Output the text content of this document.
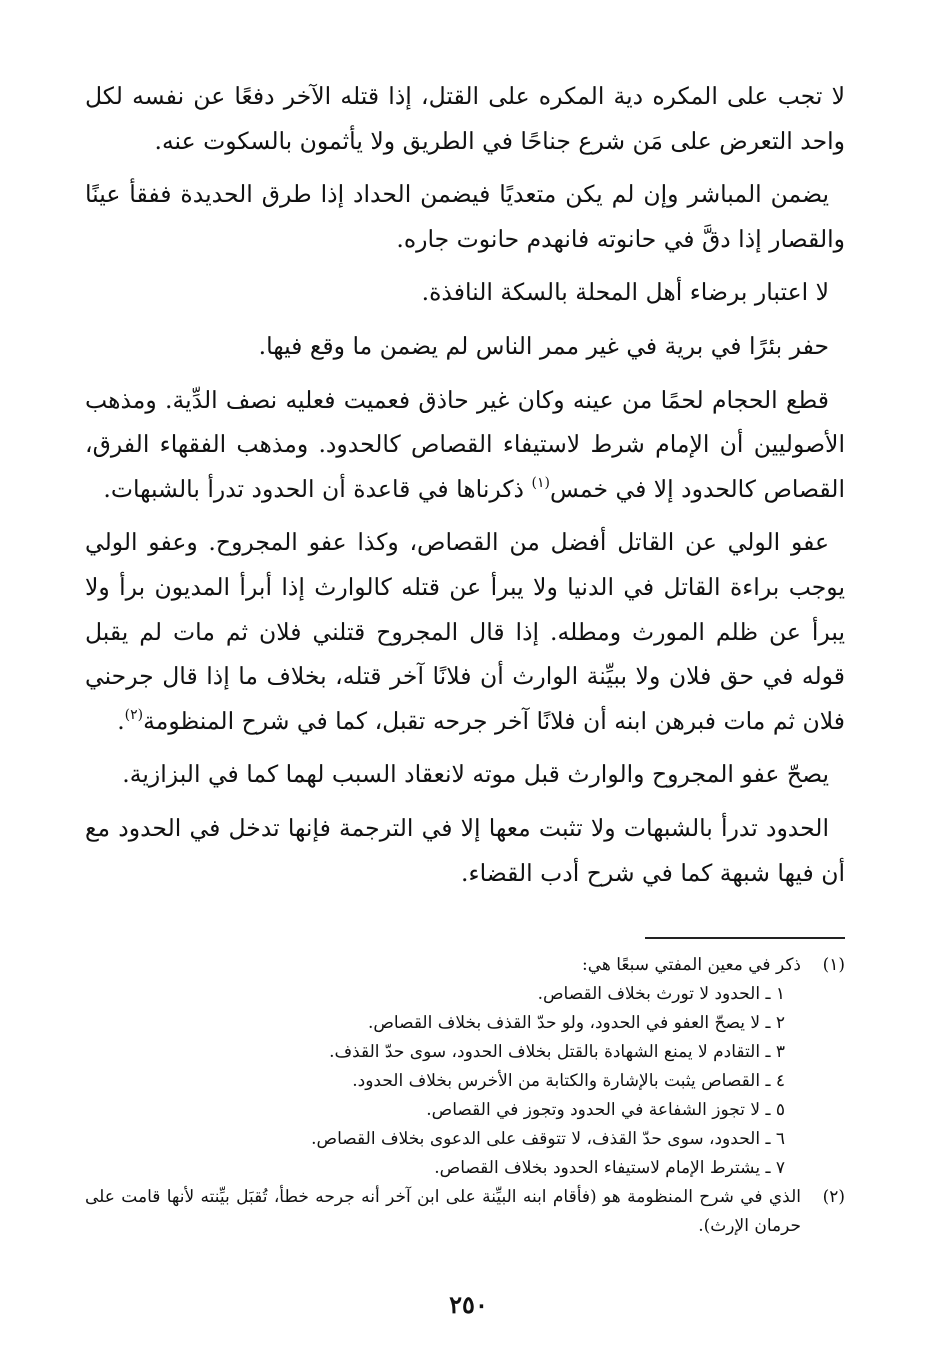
لا تجب على المكره دية المكره على القتل، إذا قتله الآخر دفعًا عن نفسه لكل واحد التعرض على مَن شرع جناحًا في الطريق ولا يأثمون بالسكوت عنه.

يضمن المباشر وإن لم يكن متعديًا فيضمن الحداد إذا طرق الحديدة ففقأ عينًا والقصار إذا دقَّ في حانوته فانهدم حانوت جاره.

لا اعتبار برضاء أهل المحلة بالسكة النافذة.

حفر بئرًا في برية في غير ممر الناس لم يضمن ما وقع فيها.

قطع الحجام لحمًا من عينه وكان غير حاذق فعميت فعليه نصف الدِّية. ومذهب الأصوليين أن الإمام شرط لاستيفاء القصاص كالحدود. ومذهب الفقهاء الفرق، القصاص كالحدود إلا في خمس$^{(١)}$ ذكرناها في قاعدة أن الحدود تدرأ بالشبهات.

عفو الولي عن القاتل أفضل من القصاص، وكذا عفو المجروح. وعفو الولي يوجب براءة القاتل في الدنيا ولا يبرأ عن قتله كالوارث إذا أبرأ المديون برأ ولا يبرأ عن ظلم المورث ومطله. إذا قال المجروح قتلني فلان ثم مات لم يقبل قوله في حق فلان ولا ببيِّنة الوارث أن فلانًا آخر قتله، بخلاف ما إذا قال جرحني فلان ثم مات فبرهن ابنه أن فلانًا آخر جرحه تقبل، كما في شرح المنظومة$^{(٢)}$.

يصحّ عفو المجروح والوارث قبل موته لانعقاد السبب لهما كما في البزازية.

الحدود تدرأ بالشبهات ولا تثبت معها إلا في الترجمة فإنها تدخل في الحدود مع أن فيها شبهة كما في شرح أدب القضاء.

(١)
ذكر في معين المفتي سبعًا هي:
١ ـ الحدود لا تورث بخلاف القصاص.
٢ ـ لا يصحّ العفو في الحدود، ولو حدّ القذف بخلاف القصاص.
٣ ـ التقادم لا يمنع الشهادة بالقتل بخلاف الحدود، سوى حدّ القذف.
٤ ـ القصاص يثبت بالإشارة والكتابة من الأخرس بخلاف الحدود.
٥ ـ لا تجوز الشفاعة في الحدود وتجوز في القصاص.
٦ ـ الحدود، سوى حدّ القذف، لا تتوقف على الدعوى بخلاف القصاص.
٧ ـ يشترط الإمام لاستيفاء الحدود بخلاف القصاص.
(٢)
الذي في شرح المنظومة هو (فأقام ابنه البيِّنة على ابن آخر أنه جرحه خطأ، تُقبَل بيِّنته لأنها قامت على حرمان الإرث).
٢٥٠
